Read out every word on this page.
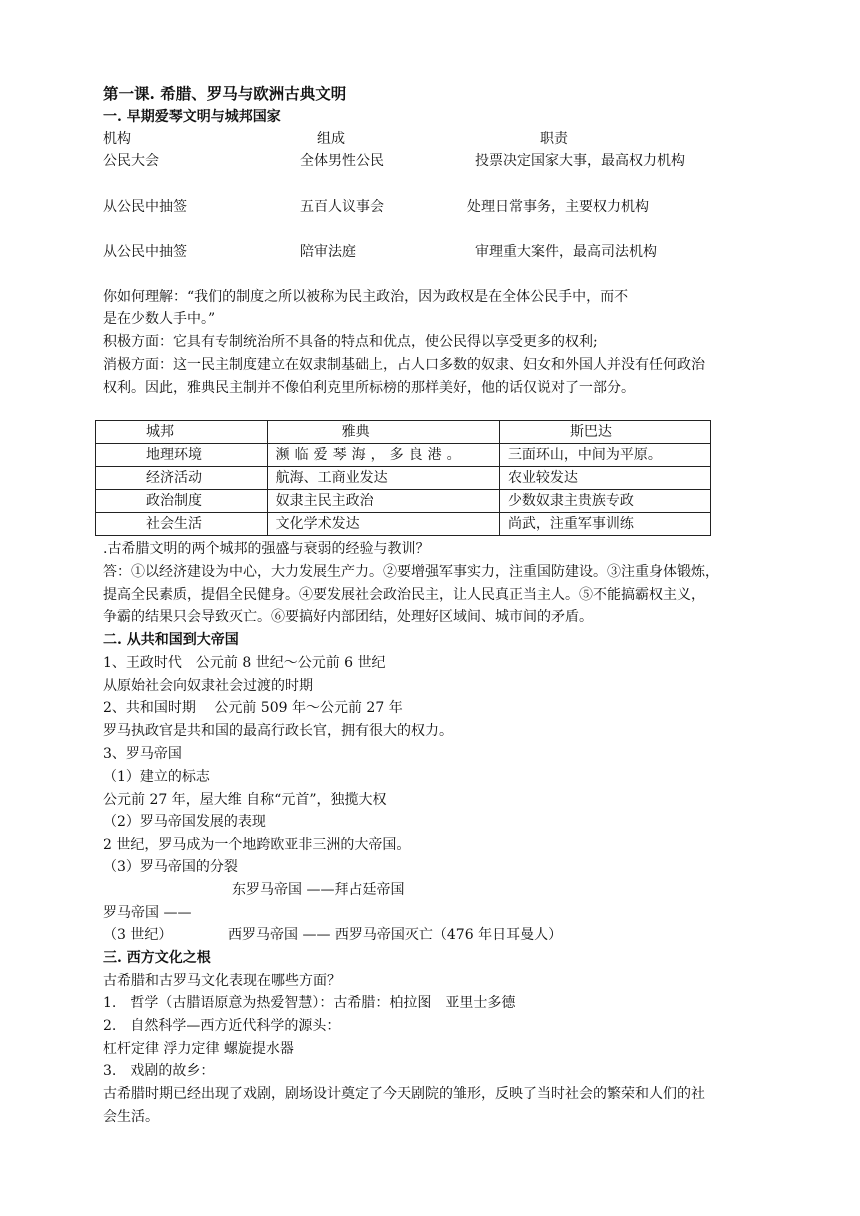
第一课. 希腊、罗马与欧洲古典文明
一. 早期爱琴文明与城邦国家
机构	组成	职责
公民大会	全体男性公民	投票决定国家大事，最高权力机构
从公民中抽签	五百人议事会	处理日常事务，主要权力机构
从公民中抽签	陪审法庭	审理重大案件，最高司法机构
你如何理解：“我们的制度之所以被称为民主政治，因为政权是在全体公民手中，而不
是在少数人手中。”
积极方面：它具有专制统治所不具备的特点和优点，使公民得以享受更多的权利;
消极方面：这一民主制度建立在奴隶制基础上，占人口多数的奴隶、妇女和外国人并没有任何政治
权利。因此，雅典民主制并不像伯利克里所标榜的那样美好，他的话仅说对了一部分。
城邦	雅典	斯巴达
地理环境	濒临爱琴海，多良港。	三面环山，中间为平原。
经济活动	航海、工商业发达	农业较发达
政治制度	奴隶主民主政治	少数奴隶主贵族专政
社会生活	文化学术发达	尚武，注重军事训练
.古希腊文明的两个城邦的强盛与衰弱的经验与教训？
答：①以经济建设为中心，大力发展生产力。②要增强军事实力，注重国防建设。③注重身体锻炼，
提高全民素质，提倡全民健身。④要发展社会政治民主，让人民真正当主人。⑤不能搞霸权主义，
争霸的结果只会导致灭亡。⑥要搞好内部团结，处理好区域间、城市间的矛盾。
二. 从共和国到大帝国
1、王政时代　公元前 8 世纪～公元前 6 世纪
从原始社会向奴隶社会过渡的时期
2、共和国时期　 公元前 509 年～公元前 27 年
罗马执政官是共和国的最高行政长官，拥有很大的权力。
3、罗马帝国
（1）建立的标志
公元前 27 年，屋大维 自称“元首”，独揽大权
（2）罗马帝国发展的表现
2 世纪，罗马成为一个地跨欧亚非三洲的大帝国。
（3）罗马帝国的分裂
东罗马帝国 ——拜占廷帝国
罗马帝国 ——
（3 世纪）	西罗马帝国 —— 西罗马帝国灭亡（476 年日耳曼人）
三. 西方文化之根
古希腊和古罗马文化表现在哪些方面？
1.　哲学（古腊语原意为热爱智慧）：古希腊：柏拉图　亚里士多德
2.　自然科学—西方近代科学的源头：
杠杆定律 浮力定律 螺旋提水器
3.　戏剧的故乡：
古希腊时期已经出现了戏剧，剧场设计奠定了今天剧院的雏形，反映了当时社会的繁荣和人们的社
会生活。
